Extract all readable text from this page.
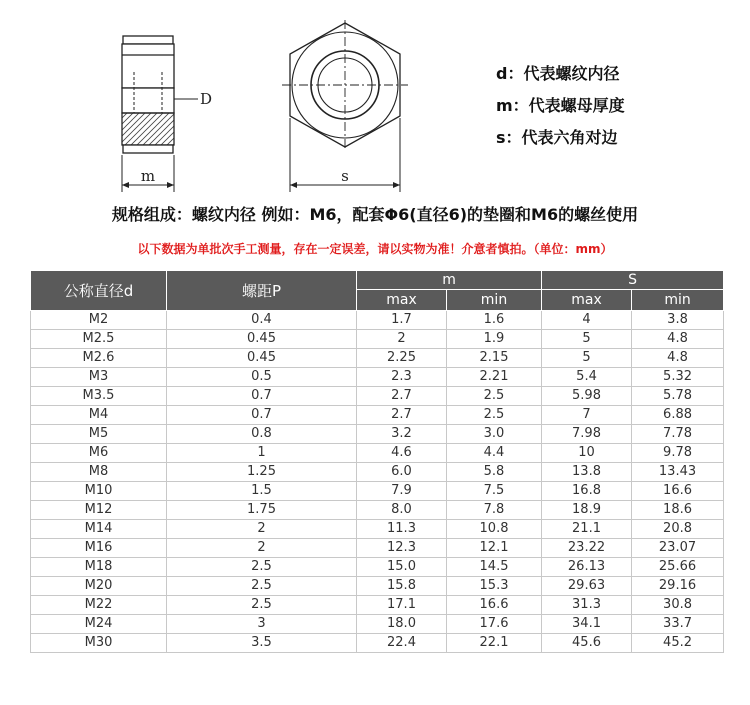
D
m	s
d：代表螺纹内径
m：代表螺母厚度
s：代表六角对边
规格组成：螺纹内径 例如：M6，配套Φ6(直径6)的垫圈和M6的螺丝使用
以下数据为单批次手工测量，存在一定误差，请以实物为准！介意者慎拍。（单位：mm）
公称直径d	螺距P	m		S	
		max	min	max	min
M2	0.4	1.7	1.6	4	3.8
M2.5	0.45	2	1.9	5	4.8
M2.6	0.45	2.25	2.15	5	4.8
M3	0.5	2.3	2.21	5.4	5.32
M3.5	0.7	2.7	2.5	5.98	5.78
M4	0.7	2.7	2.5	7	6.88
M5	0.8	3.2	3.0	7.98	7.78
M6	1	4.6	4.4	10	9.78
M8	1.25	6.0	5.8	13.8	13.43
M10	1.5	7.9	7.5	16.8	16.6
M12	1.75	8.0	7.8	18.9	18.6
M14	2	11.3	10.8	21.1	20.8
M16	2	12.3	12.1	23.22	23.07
M18	2.5	15.0	14.5	26.13	25.66
M20	2.5	15.8	15.3	29.63	29.16
M22	2.5	17.1	16.6	31.3	30.8
M24	3	18.0	17.6	34.1	33.7
M30	3.5	22.4	22.1	45.6	45.2
